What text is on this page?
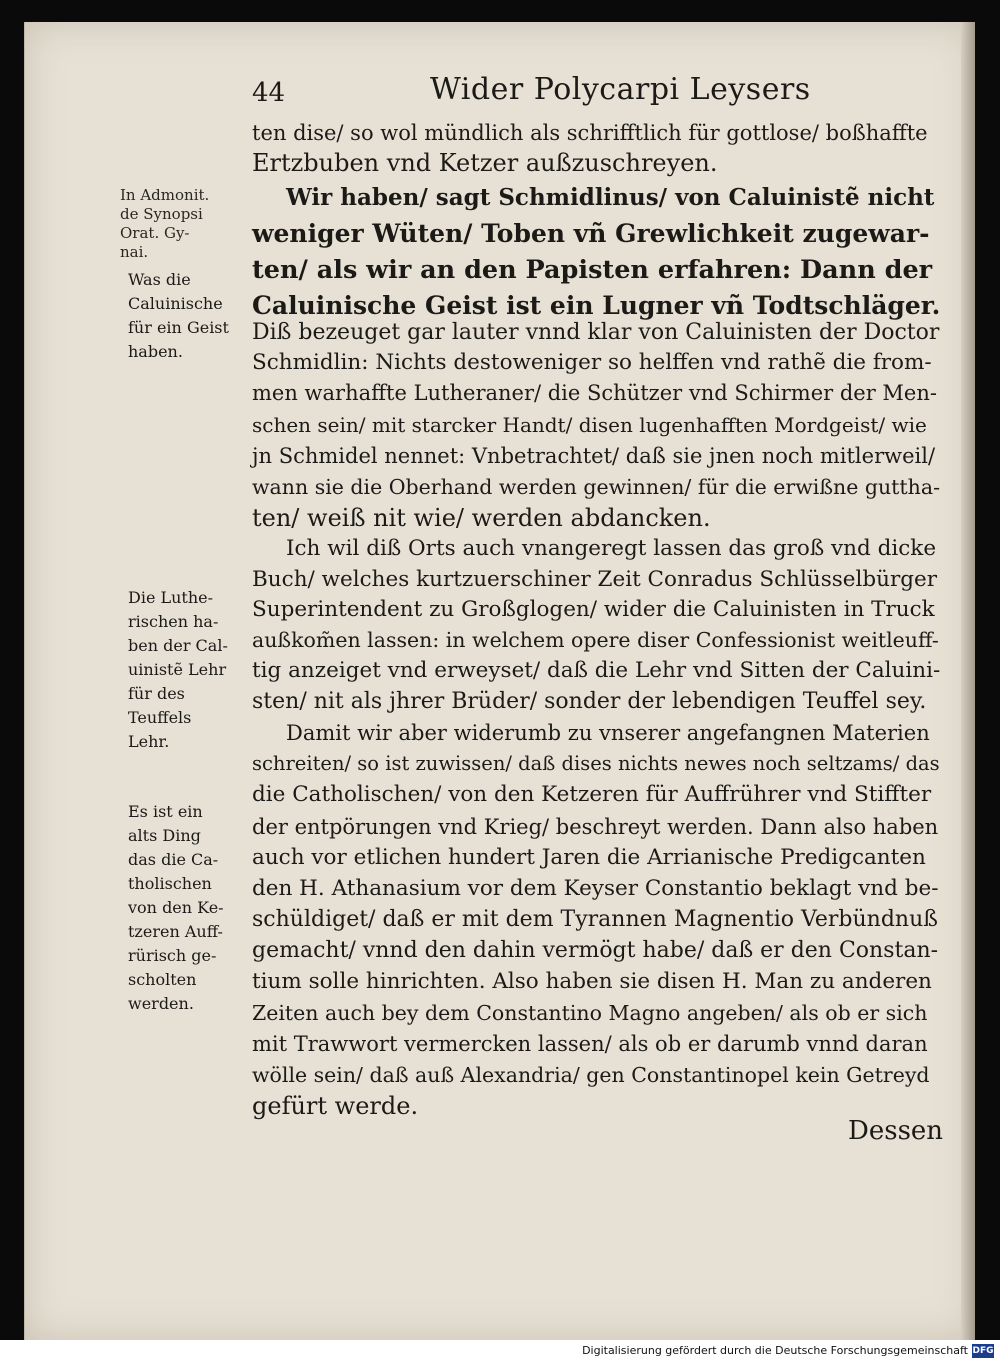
44	Wider Polycarpi Leysers
In Admonit.
de Synopsi
Orat. Gy-
nai.
Was die
Caluinische
für ein Geist
haben.
Die Luthe-
rischen ha-
ben der Cal-
uinistẽ Lehr
für des
Teuffels
Lehr.
Es ist ein
alts Ding
das die Ca-
tholischen
von den Ke-
tzeren Auff-
rürisch ge-
scholten
werden.
ten dise/ so wol mündlich als schrifftlich für gottlose/ boßhaffte
Ertzbuben vnd Ketzer außzuschreyen.
Wir haben/ sagt Schmidlinus/ von Caluinistẽ nicht
weniger Wüten/ Toben vñ Grewlichkeit zugewar-
ten/ als wir an den Papisten erfahren: Dann der
Caluinische Geist ist ein Lugner vñ Todtschläger.
Diß bezeuget gar lauter vnnd klar von Caluinisten der Doctor
Schmidlin: Nichts destoweniger so helffen vnd rathẽ die from-
men warhaffte Lutheraner/ die Schützer vnd Schirmer der Men-
schen sein/ mit starcker Handt/ disen lugenhafften Mordgeist/ wie
jn Schmidel nennet: Vnbetrachtet/ daß sie jnen noch mitlerweil/
wann sie die Oberhand werden gewinnen/ für die erwißne guttha-
ten/ weiß nit wie/ werden abdancken.
Ich wil diß Orts auch vnangeregt lassen das groß vnd dicke
Buch/ welches kurtzuerschiner Zeit Conradus Schlüsselbürger
Superintendent zu Großglogen/ wider die Caluinisten in Truck
außkom̃en lassen: in welchem opere diser Confessionist weitleuff-
tig anzeiget vnd erweyset/ daß die Lehr vnd Sitten der Caluini-
sten/ nit als jhrer Brüder/ sonder der lebendigen Teuffel sey.
Damit wir aber widerumb zu vnserer angefangnen Materien
schreiten/ so ist zuwissen/ daß dises nichts newes noch seltzams/ das
die Catholischen/ von den Ketzeren für Auffrührer vnd Stiffter
der entpörungen vnd Krieg/ beschreyt werden. Dann also haben
auch vor etlichen hundert Jaren die Arrianische Predigcanten
den H. Athanasium vor dem Keyser Constantio beklagt vnd be-
schüldiget/ daß er mit dem Tyrannen Magnentio Verbündnuß
gemacht/ vnnd den dahin vermögt habe/ daß er den Constan-
tium solle hinrichten. Also haben sie disen H. Man zu anderen
Zeiten auch bey dem Constantino Magno angeben/ als ob er sich
mit Trawwort vermercken lassen/ als ob er darumb vnnd daran
wölle sein/ daß auß Alexandria/ gen Constantinopel kein Getreyd
gefürt werde.
Dessen
Digitalisierung gefördert durch die Deutsche Forschungsgemeinschaft DFG
